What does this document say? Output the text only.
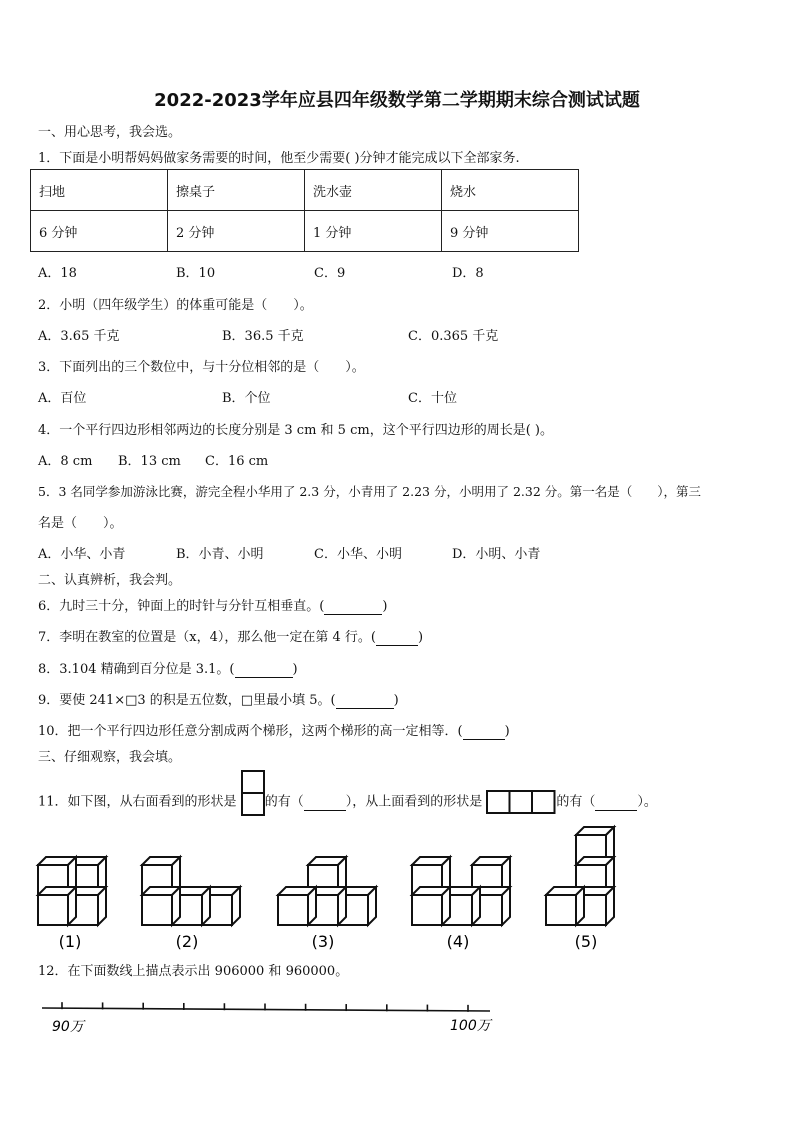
2022-2023学年应县四年级数学第二学期期末综合测试试题
一、用心思考，我会选。
1．下面是小明帮妈妈做家务需要的时间，他至少需要( )分钟才能完成以下全部家务.
扫地	擦桌子	洗水壶	烧水
6 分钟	2 分钟	1 分钟	9 分钟
A．18	B．10	C．9	D．8
2．小明（四年级学生）的体重可能是（　　）。
A．3.65 千克	B．36.5 千克	C．0.365 千克
3．下面列出的三个数位中，与十分位相邻的是（　　）。
A．百位	B．个位	C．十位
4．一个平行四边形相邻两边的长度分别是 3 cm 和 5 cm，这个平行四边形的周长是( )。
A．8 cm B．13 cm C．16 cm
5．3 名同学参加游泳比赛，游完全程小华用了 2.3 分，小青用了 2.23 分，小明用了 2.32 分。第一名是（　　），第三
名是（　　）。
A．小华、小青	B．小青、小明	C．小华、小明	D．小明、小青
二、认真辨析，我会判。
6．九时三十分，钟面上的时针与分针互相垂直。(	)
7．李明在教室的位置是（x，4），那么他一定在第 4 行。(	)
8．3.104 精确到百分位是 3.1。(	)
9．要使 241×□3 的积是五位数，□里最小填 5。(	)
10．把一个平行四边形任意分割成两个梯形，这两个梯形的高一定相等．(	)
三、仔细观察，我会填。
11．如下图，从右面看到的形状是 的有（	），从上面看到的形状是	的有（	）。
(1)	(2)	(3)	(4)	(5)
12．在下面数线上描点表示出 906000 和 960000。
90万	100万
